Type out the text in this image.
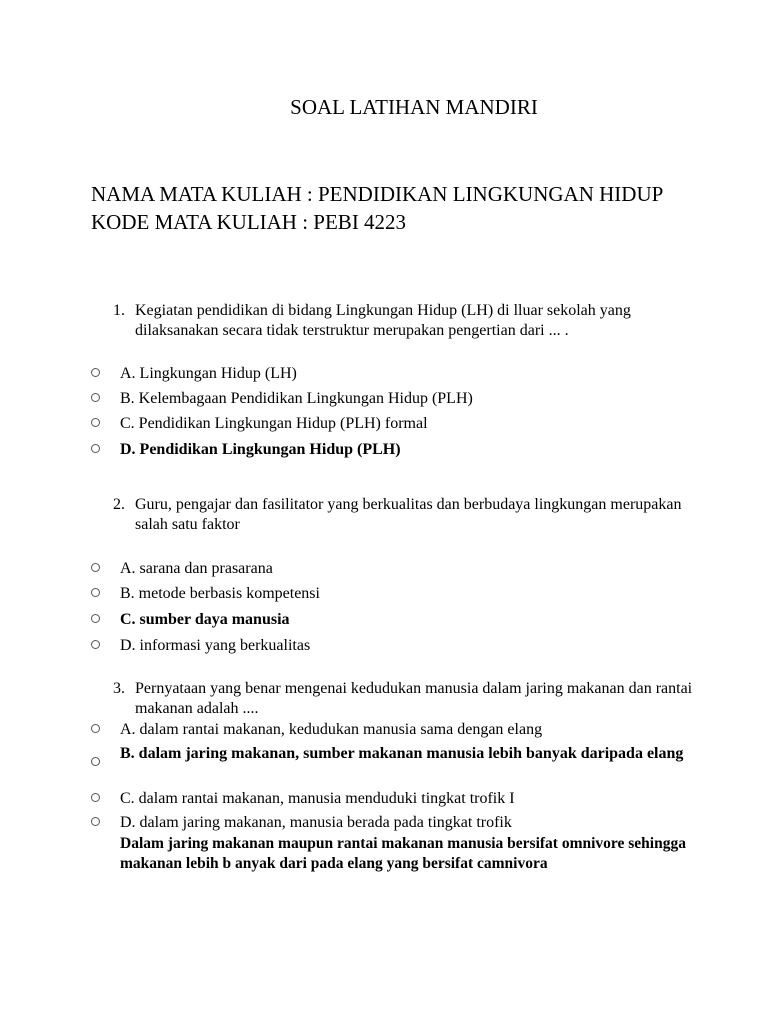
SOAL LATIHAN MANDIRI
NAMA MATA KULIAH : PENDIDIKAN LINGKUNGAN HIDUP
KODE MATA KULIAH : PEBI 4223
1. Kegiatan pendidikan di bidang Lingkungan Hidup (LH) di lluar sekolah yang dilaksanakan secara tidak terstruktur merupakan pengertian dari ... .
A. Lingkungan Hidup (LH)
B. Kelembagaan Pendidikan Lingkungan Hidup (PLH)
C. Pendidikan Lingkungan Hidup (PLH) formal
D. Pendidikan Lingkungan Hidup (PLH)
2. Guru, pengajar dan fasilitator yang berkualitas dan berbudaya lingkungan merupakan salah satu faktor
A. sarana dan prasarana
B. metode berbasis kompetensi
C. sumber daya manusia
D. informasi yang berkualitas
3. Pernyataan yang benar mengenai kedudukan manusia dalam jaring makanan dan rantai makanan adalah ....
A. dalam rantai makanan, kedudukan manusia sama dengan elang
B. dalam jaring makanan, sumber makanan manusia lebih banyak daripada elang
C. dalam rantai makanan, manusia menduduki tingkat trofik I
D. dalam jaring makanan, manusia berada pada tingkat trofik
Dalam jaring makanan maupun rantai makanan manusia bersifat omnivore sehingga makanan lebih b anyak dari pada elang yang bersifat camnivora
